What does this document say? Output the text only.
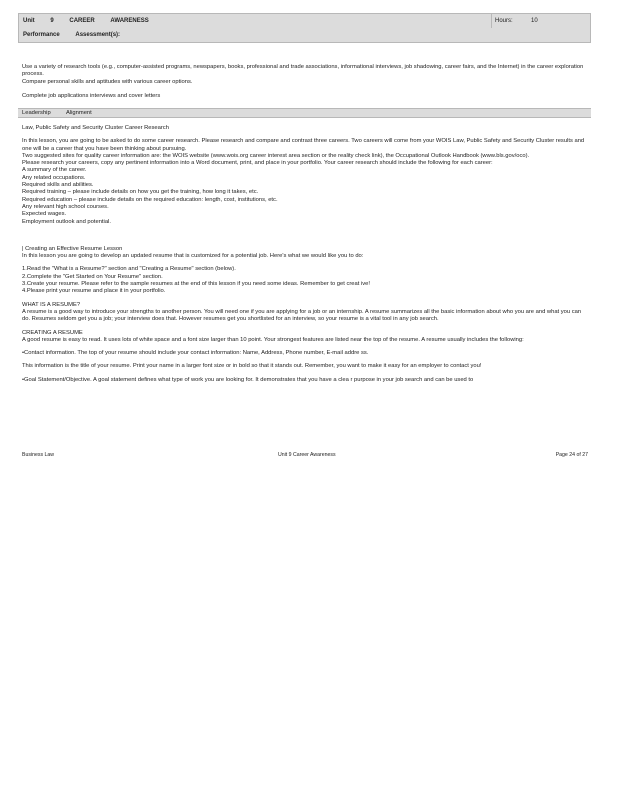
Unit	9	CAREER	AWARENESS	Hours:	10
Performance	Assessment(s):

Use a variety of research tools (e.g., computer-assisted programs, newspapers, books, professional and trade associations, informational interviews, job shadowing, career fairs, and the Internet) in the career exploration process.

Compare personal skills and aptitudes with various career options.

Complete job applications interviews and cover letters

Leadership	Alignment

Law, Public Safety and Security Cluster Career Research

In this lesson, you are going to be asked to do some career research. Please research and compare and contrast three careers. Two careers will come from your WOIS Law, Public Safety and Security Cluster results and one will be a career that you have been thinking about pursuing.

Two suggested sites for quality career information are: the WOIS website (www.wois.org career interest area section or the reality check link), the Occupational Outlook Handbook (www.bls.gov/oco).

Please research your careers, copy any pertinent information into a Word document, print, and place in your portfolio. Your career research should include the following for each career:

A summary of the career.

Any related occupations.

Required skills and abilities.

Required training – please include details on how you get the training, how long it takes, etc.

Required education – please include details on the required education: length, cost, institutions, etc.

Any relevant high school courses.

Expected wages.

Employment outlook and potential.

| Creating an Effective Resume Lesson

In this lesson you are going to develop an updated resume that is customized for a potential job. Here's what we would like you to do:

1.Read the "What is a Resume?" section and "Creating a Resume" section (below).

2.Complete the "Get Started on Your Resume" section.

3.Create your resume. Please refer to the sample resumes at the end of this lesson if you need some ideas. Remember to get creat ive!

4.Please print your resume and place it in your portfolio.

WHAT IS A RESUME?

A resume is a good way to introduce your strengths to another person. You will need one if you are applying for a job or an internship. A resume summarizes all the basic information about who you are and what you can do. Resumes seldom get you a job; your interview does that. However resumes get you shortlisted for an interview, so your resume is a vital tool in any job search.

CREATING A RESUME

A good resume is easy to read. It uses lots of white space and a font size larger than 10 point. Your strongest features are listed near the top of the resume. A resume usually includes the following:

•Contact information. The top of your resume should include your contact information: Name, Address, Phone number, E-mail addre ss.

This information is the title of your resume. Print your name in a larger font size or in bold so that it stands out. Remember, you want to make it easy for an employer to contact you!

•Goal Statement/Objective. A goal statement defines what type of work you are looking for. It demonstrates that you have a clea r purpose in your job search and can be used to

Business Law	Unit 9 Career Awareness	Page 24 of 27
